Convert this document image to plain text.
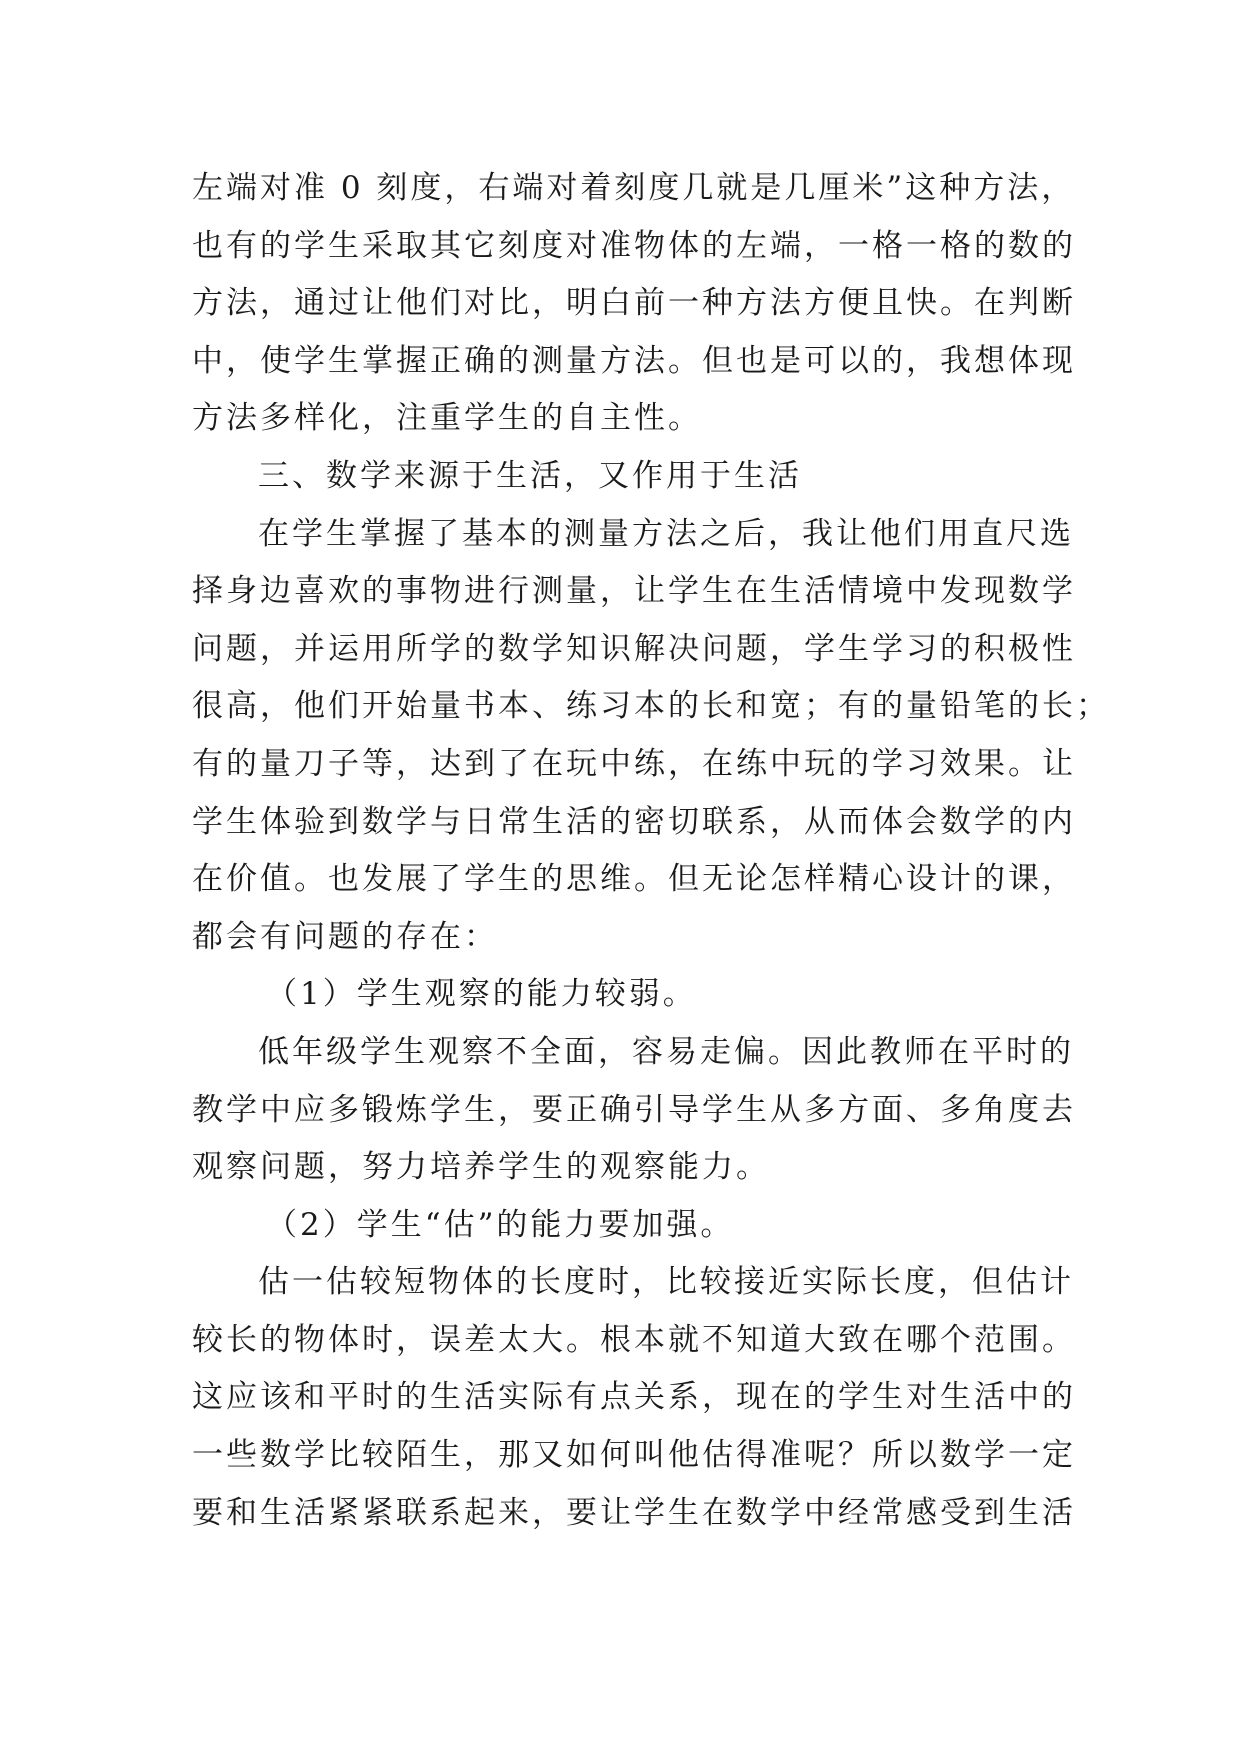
左端对准 0 刻度，右端对着刻度几就是几厘米”这种方法，
也有的学生采取其它刻度对准物体的左端，一格一格的数的
方法，通过让他们对比，明白前一种方法方便且快。在判断
中，使学生掌握正确的测量方法。但也是可以的，我想体现
方法多样化，注重学生的自主性。
三、数学来源于生活，又作用于生活
在学生掌握了基本的测量方法之后，我让他们用直尺选
择身边喜欢的事物进行测量，让学生在生活情境中发现数学
问题，并运用所学的数学知识解决问题，学生学习的积极性
很高，他们开始量书本、练习本的长和宽；有的量铅笔的长；
有的量刀子等，达到了在玩中练，在练中玩的学习效果。让
学生体验到数学与日常生活的密切联系，从而体会数学的内
在价值。也发展了学生的思维。但无论怎样精心设计的课，
都会有问题的存在：
（1）学生观察的能力较弱。
低年级学生观察不全面，容易走偏。因此教师在平时的
教学中应多锻炼学生，要正确引导学生从多方面、多角度去
观察问题，努力培养学生的观察能力。
（2）学生“估”的能力要加强。
估一估较短物体的长度时，比较接近实际长度，但估计
较长的物体时，误差太大。根本就不知道大致在哪个范围。
这应该和平时的生活实际有点关系，现在的学生对生活中的
一些数学比较陌生，那又如何叫他估得准呢？所以数学一定
要和生活紧紧联系起来，要让学生在数学中经常感受到生活
